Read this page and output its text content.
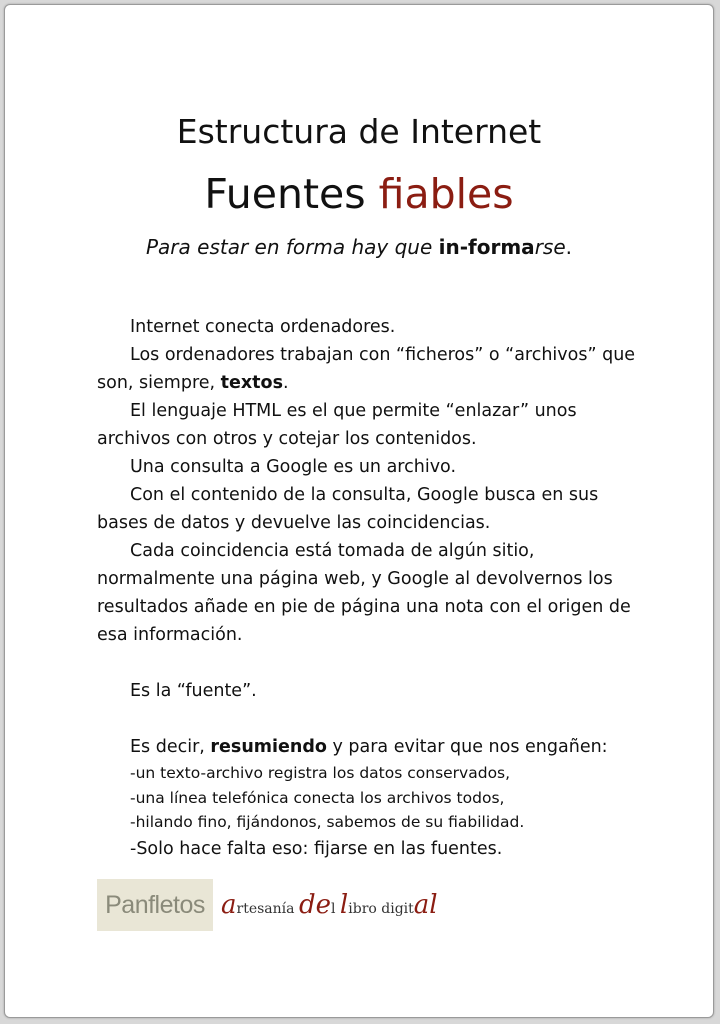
Estructura de Internet
Fuentes fiables
Para estar en forma hay que in-formarse.

Internet conecta ordenadores.

Los ordenadores trabajan con “ficheros” o “archivos” que son, siempre, textos.

El lenguaje HTML es el que permite “enlazar” unos archivos con otros y cotejar los contenidos.

Una consulta a Google es un archivo.

Con el contenido de la consulta, Google busca en sus bases de datos y devuelve las coincidencias.

Cada coincidencia está tomada de algún sitio, normalmente una página web, y Google al devolvernos los resultados añade en pie de página una nota con el origen de esa información.

Es la “fuente”.

Es decir, resumiendo y para evitar que nos engañen:

-un texto-archivo registra los datos conservados,

-una línea telefónica conecta los archivos todos,

-hilando fino, fijándonos, sabemos de su fiabilidad.

-Solo hace falta eso: fijarse en las fuentes.

Panfletos artesanía del libro digital
